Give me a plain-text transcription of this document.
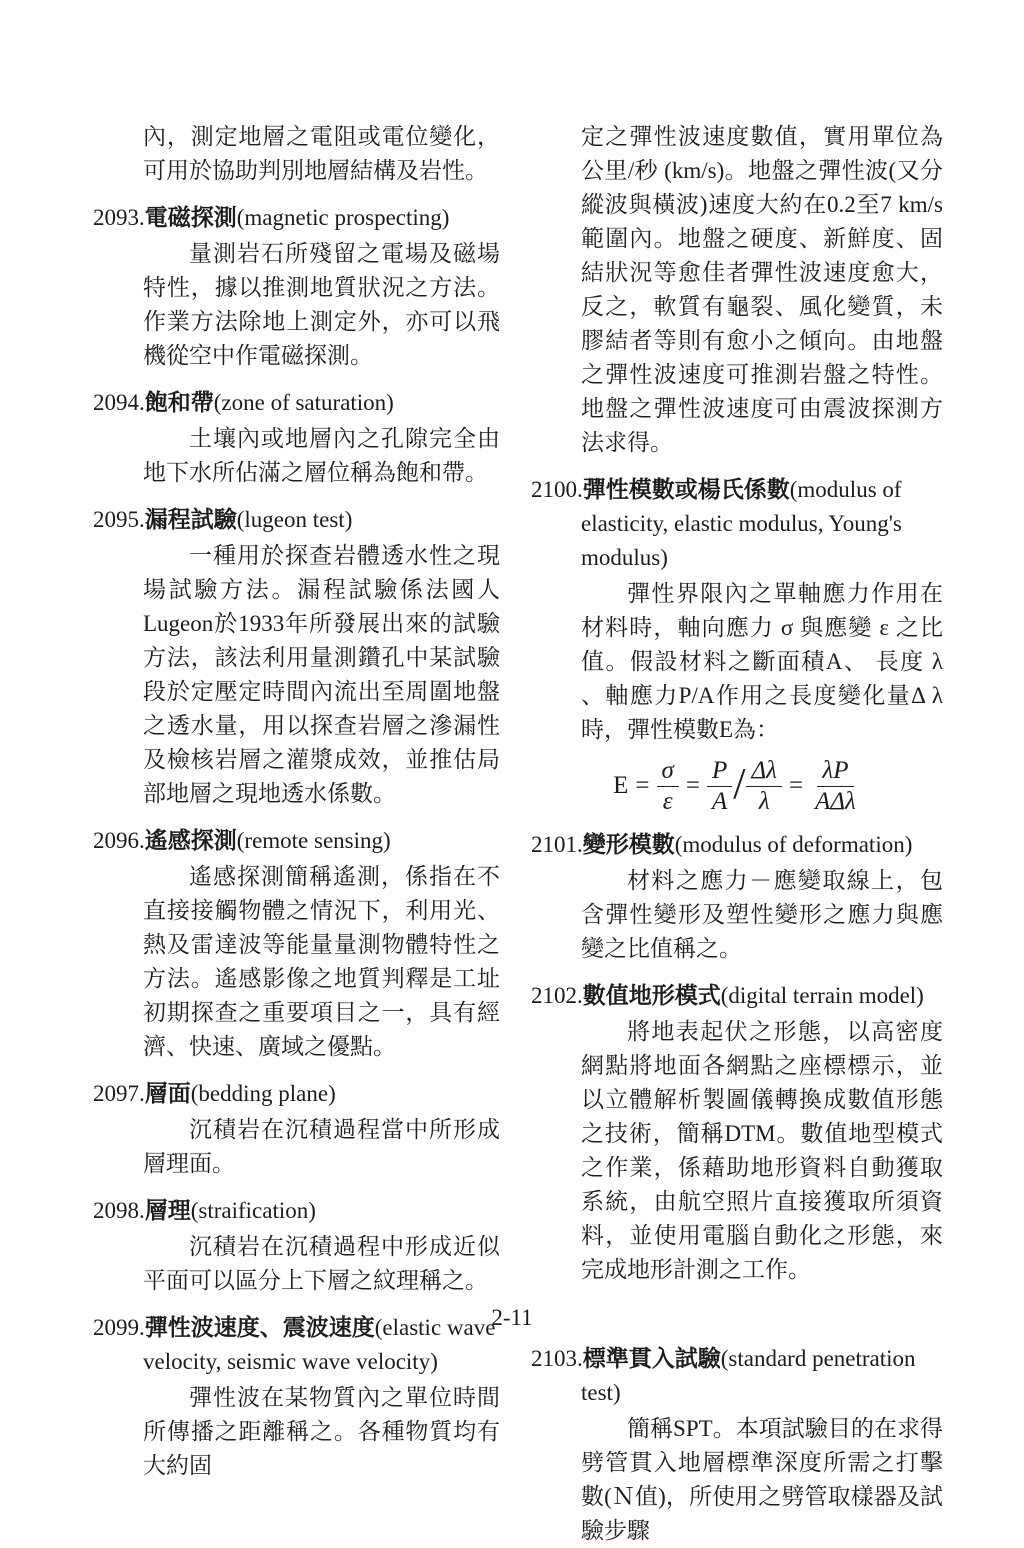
內，測定地層之電阻或電位變化，可用於協助判別地層結構及岩性。

2093.電磁探測(magnetic prospecting)

量測岩石所殘留之電場及磁場特性，據以推測地質狀況之方法。作業方法除地上測定外，亦可以飛機從空中作電磁探測。

2094.飽和帶(zone of saturation)

土壤內或地層內之孔隙完全由地下水所佔滿之層位稱為飽和帶。

2095.漏程試驗(lugeon test)

一種用於探查岩體透水性之現場試驗方法。漏程試驗係法國人Lugeon於1933年所發展出來的試驗方法，該法利用量測鑽孔中某試驗段於定壓定時間內流出至周圍地盤之透水量，用以探查岩層之滲漏性及檢核岩層之灌漿成效，並推估局部地層之現地透水係數。

2096.遙感探測(remote sensing)

遙感探測簡稱遙測，係指在不直接接觸物體之情況下，利用光、熱及雷達波等能量量測物體特性之方法。遙感影像之地質判釋是工址初期探查之重要項目之一，具有經濟、快速、廣域之優點。

2097.層面(bedding plane)

沉積岩在沉積過程當中所形成層理面。

2098.層理(straification)

沉積岩在沉積過程中形成近似平面可以區分上下層之紋理稱之。

2099.彈性波速度、震波速度(elastic wave velocity, seismic wave velocity)

彈性波在某物質內之單位時間所傳播之距離稱之。各種物質均有大約固

定之彈性波速度數值，實用單位為公里/秒 (km/s)。地盤之彈性波(又分縱波與橫波)速度大約在0.2至7 km/s範圍內。地盤之硬度、新鮮度、固結狀況等愈佳者彈性波速度愈大，反之，軟質有龜裂、風化變質，未膠結者等則有愈小之傾向。由地盤之彈性波速度可推測岩盤之特性。地盤之彈性波速度可由震波探測方法求得。

2100.彈性模數或楊氏係數(modulus of elasticity, elastic modulus, Young's modulus)

彈性界限內之單軸應力作用在材料時，軸向應力 σ 與應變 ε 之比值。假設材料之斷面積A、 長度 λ 、軸應力P/A作用之長度變化量Δ λ時，彈性模數E為：

$E = \frac{\sigma}{\varepsilon} = \frac{P}{A} / \frac{\Delta\lambda}{\lambda} = \frac{\lambda P}{\text{AΔλ}}$

2101.變形模數(modulus of deformation)

材料之應力－應變取線上，包含彈性變形及塑性變形之應力與應變之比值稱之。

2102.數值地形模式(digital terrain model)

將地表起伏之形態，以高密度網點將地面各網點之座標標示，並以立體解析製圖儀轉換成數值形態之技術，簡稱DTM。數值地型模式之作業，係藉助地形資料自動獲取系統，由航空照片直接獲取所須資料，並使用電腦自動化之形態，來完成地形計測之工作。

2103.標準貫入試驗(standard penetration test)

簡稱SPT。本項試驗目的在求得劈管貫入地層標準深度所需之打擊數(Ｎ值)，所使用之劈管取樣器及試驗步驟

2-11
